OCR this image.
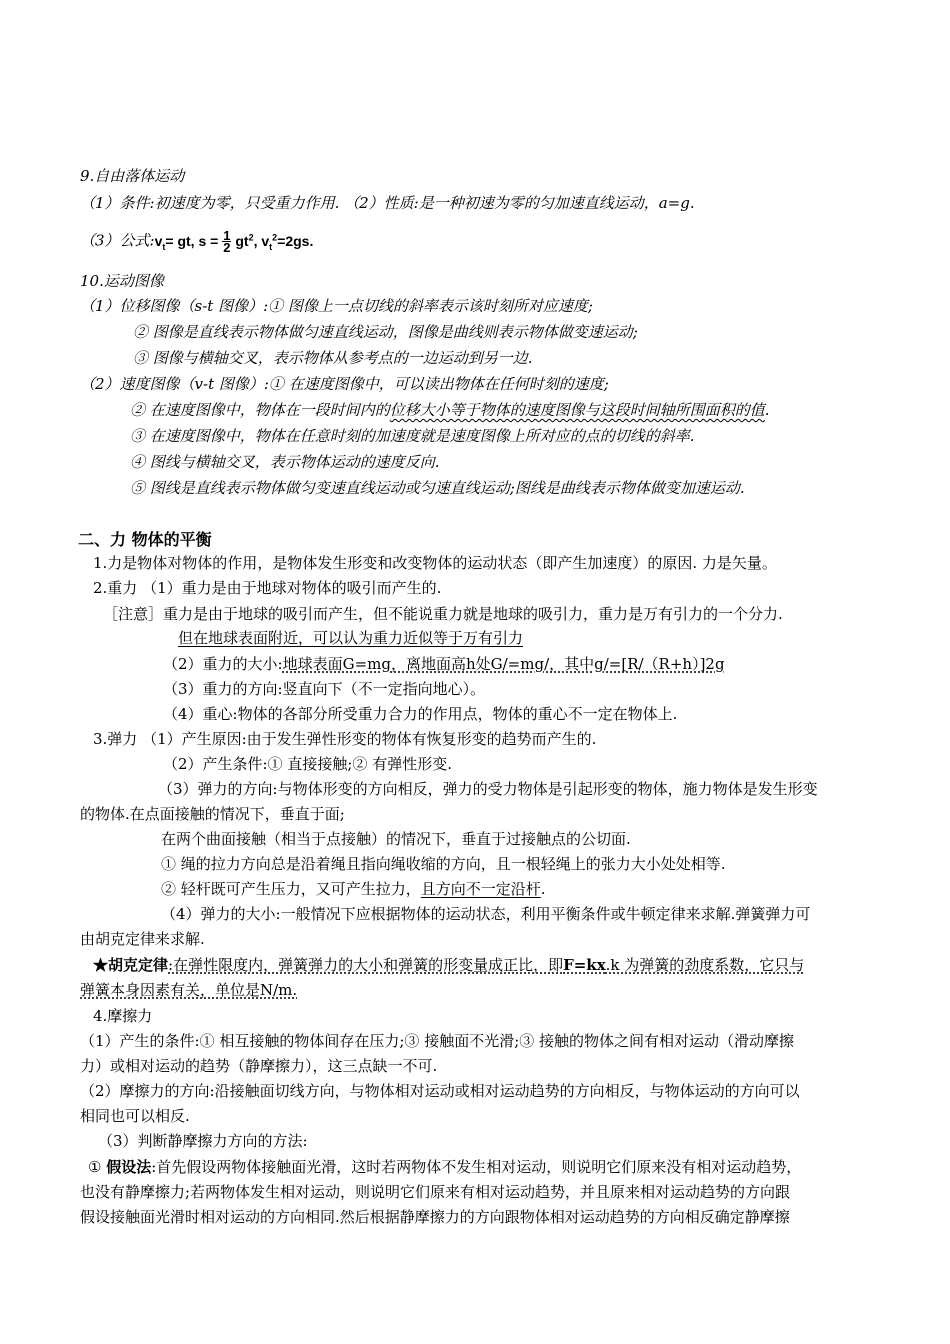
9.自由落体运动
（1）条件:初速度为零，只受重力作用. （2）性质:是一种初速为零的匀加速直线运动，a=g.
（3）公式$:v_t=$ gt, $s = \frac{1}{2} gt^2$, $v_t^2=2gs$.
10.运动图像
（1）位移图像（s-t 图像）:① 图像上一点切线的斜率表示该时刻所对应速度;
② 图像是直线表示物体做匀速直线运动，图像是曲线则表示物体做变速运动;
③ 图像与横轴交叉，表示物体从参考点的一边运动到另一边.
（2）速度图像（v-t 图像）:① 在速度图像中，可以读出物体在任何时刻的速度;
② 在速度图像中，物体在一段时间内的位移大小等于物体的速度图像与这段时间轴所围面积的值.
③ 在速度图像中，物体在任意时刻的加速度就是速度图像上所对应的点的切线的斜率.
④ 图线与横轴交叉，表示物体运动的速度反向.
⑤ 图线是直线表示物体做匀变速直线运动或匀速直线运动;图线是曲线表示物体做变加速运动.
二、力 物体的平衡
1.力是物体对物体的作用，是物体发生形变和改变物体的运动状态（即产生加速度）的原因. 力是矢量。
2.重力 （1）重力是由于地球对物体的吸引而产生的.
［注意］重力是由于地球的吸引而产生，但不能说重力就是地球的吸引力，重力是万有引力的一个分力.
但在地球表面附近，可以认为重力近似等于万有引力
（2）重力的大小:地球表面G=mg，离地面高h处G/=mg/，其中g/=[R/（R+h）]2g
（3）重力的方向:竖直向下（不一定指向地心）。
（4）重心:物体的各部分所受重力合力的作用点，物体的重心不一定在物体上.
3.弹力 （1）产生原因:由于发生弹性形变的物体有恢复形变的趋势而产生的.
（2）产生条件:① 直接接触;② 有弹性形变.
（3）弹力的方向:与物体形变的方向相反，弹力的受力物体是引起形变的物体，施力物体是发生形变
的物体.在点面接触的情况下，垂直于面;
在两个曲面接触（相当于点接触）的情况下，垂直于过接触点的公切面.
① 绳的拉力方向总是沿着绳且指向绳收缩的方向，且一根轻绳上的张力大小处处相等.
② 轻杆既可产生压力，又可产生拉力，且方向不一定沿杆.
（4）弹力的大小:一般情况下应根据物体的运动状态，利用平衡条件或牛顿定律来求解.弹簧弹力可
由胡克定律来求解.
★胡克定律:在弹性限度内，弹簧弹力的大小和弹簧的形变量成正比，即F=kx.k 为弹簧的劲度系数，它只与
弹簧本身因素有关，单位是N/m.
4.摩擦力
（1）产生的条件:① 相互接触的物体间存在压力;③ 接触面不光滑;③ 接触的物体之间有相对运动（滑动摩擦
力）或相对运动的趋势（静摩擦力），这三点缺一不可.
（2）摩擦力的方向:沿接触面切线方向，与物体相对运动或相对运动趋势的方向相反，与物体运动的方向可以
相同也可以相反.
（3）判断静摩擦力方向的方法:
① 假设法:首先假设两物体接触面光滑，这时若两物体不发生相对运动，则说明它们原来没有相对运动趋势，
也没有静摩擦力;若两物体发生相对运动，则说明它们原来有相对运动趋势，并且原来相对运动趋势的方向跟
假设接触面光滑时相对运动的方向相同.然后根据静摩擦力的方向跟物体相对运动趋势的方向相反确定静摩擦
